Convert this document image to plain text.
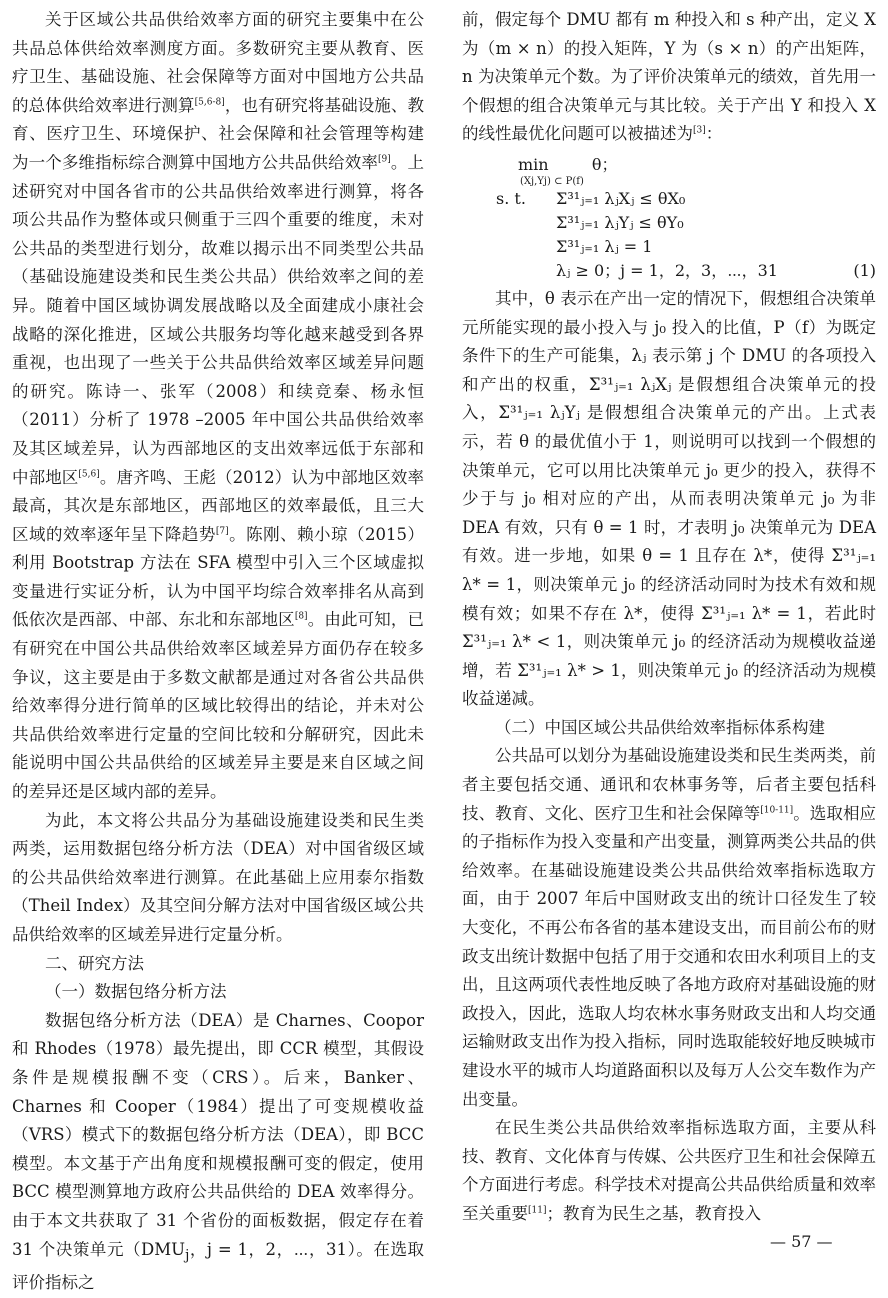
关于区域公共品供给效率方面的研究主要集中在公共品总体供给效率测度方面。多数研究主要从教育、医疗卫生、基础设施、社会保障等方面对中国地方公共品的总体供给效率进行测算[5,6-8]，也有研究将基础设施、教育、医疗卫生、环境保护、社会保障和社会管理等构建为一个多维指标综合测算中国地方公共品供给效率[9]。上述研究对中国各省市的公共品供给效率进行测算，将各项公共品作为整体或只侧重于三四个重要的维度，未对公共品的类型进行划分，故难以揭示出不同类型公共品（基础设施建设类和民生类公共品）供给效率之间的差异。随着中国区域协调发展战略以及全面建成小康社会战略的深化推进，区域公共服务均等化越来越受到各界重视，也出现了一些关于公共品供给效率区域差异问题的研究。陈诗一、张军（2008）和续竞秦、杨永恒（2011）分析了 1978 –2005 年中国公共品供给效率及其区域差异，认为西部地区的支出效率远低于东部和中部地区[5,6]。唐齐鸣、王彪（2012）认为中部地区效率最高，其次是东部地区，西部地区的效率最低，且三大区域的效率逐年呈下降趋势[7]。陈刚、赖小琼（2015）利用 Bootstrap 方法在 SFA 模型中引入三个区域虚拟变量进行实证分析，认为中国平均综合效率排名从高到低依次是西部、中部、东北和东部地区[8]。由此可知，已有研究在中国公共品供给效率区域差异方面仍存在较多争议，这主要是由于多数文献都是通过对各省公共品供给效率得分进行简单的区域比较得出的结论，并未对公共品供给效率进行定量的空间比较和分解研究，因此未能说明中国公共品供给的区域差异主要是来自区域之间的差异还是区域内部的差异。

为此，本文将公共品分为基础设施建设类和民生类两类，运用数据包络分析方法（DEA）对中国省级区域的公共品供给效率进行测算。在此基础上应用泰尔指数（Theil Index）及其空间分解方法对中国省级区域公共品供给效率的区域差异进行定量分析。

二、研究方法

（一）数据包络分析方法

数据包络分析方法（DEA）是 Charnes、Coopor 和 Rhodes（1978）最先提出，即 CCR 模型，其假设条件是规模报酬不变（CRS）。后来，Banker、Charnes 和 Cooper（1984）提出了可变规模收益（VRS）模式下的数据包络分析方法（DEA），即 BCC 模型。本文基于产出角度和规模报酬可变的假定，使用 BCC 模型测算地方政府公共品供给的 DEA 效率得分。由于本文共获取了 31 个省份的面板数据，假定存在着 31 个决策单元（$DMU_j$，j = 1，2，⋯，31）。在选取评价指标之

前，假定每个 DMU 都有 m 种投入和 s 种产出，定义 X 为（m × n）的投入矩阵，Y 为（s × n）的产出矩阵，n 为决策单元个数。为了评价决策单元的绩效，首先用一个假想的组合决策单元与其比较。关于产出 Y 和投入 X 的线性最优化问题可以被描述为[3]：

min
(Xj,Yj) ⊂ P(f)
θ；
s. t.	Σ³¹ⱼ₌₁ λⱼXⱼ ≤ θX₀
Σ³¹ⱼ₌₁ λⱼYⱼ ≤ θY₀
Σ³¹ⱼ₌₁ λⱼ = 1
λⱼ ≥ 0；j = 1，2，3，⋯，31	(1)

其中，θ 表示在产出一定的情况下，假想组合决策单元所能实现的最小投入与 j₀ 投入的比值，P（f）为既定条件下的生产可能集，λⱼ 表示第 j 个 DMU 的各项投入和产出的权重，Σ³¹ⱼ₌₁ λⱼXⱼ 是假想组合决策单元的投入，Σ³¹ⱼ₌₁ λⱼYⱼ 是假想组合决策单元的产出。上式表示，若 θ 的最优值小于 1，则说明可以找到一个假想的决策单元，它可以用比决策单元 j₀ 更少的投入，获得不少于与 j₀ 相对应的产出，从而表明决策单元 j₀ 为非 DEA 有效，只有 θ = 1 时，才表明 j₀ 决策单元为 DEA 有效。进一步地，如果 θ = 1 且存在 λ*，使得 Σ³¹ⱼ₌₁ λ* = 1，则决策单元 j₀ 的经济活动同时为技术有效和规模有效；如果不存在 λ*，使得 Σ³¹ⱼ₌₁ λ* = 1，若此时 Σ³¹ⱼ₌₁ λ* < 1，则决策单元 j₀ 的经济活动为规模收益递增，若 Σ³¹ⱼ₌₁ λ* > 1，则决策单元 j₀ 的经济活动为规模收益递减。

（二）中国区域公共品供给效率指标体系构建

公共品可以划分为基础设施建设类和民生类两类，前者主要包括交通、通讯和农林事务等，后者主要包括科技、教育、文化、医疗卫生和社会保障等[10-11]。选取相应的子指标作为投入变量和产出变量，测算两类公共品的供给效率。在基础设施建设类公共品供给效率指标选取方面，由于 2007 年后中国财政支出的统计口径发生了较大变化，不再公布各省的基本建设支出，而目前公布的财政支出统计数据中包括了用于交通和农田水利项目上的支出，且这两项代表性地反映了各地方政府对基础设施的财政投入，因此，选取人均农林水事务财政支出和人均交通运输财政支出作为投入指标，同时选取能较好地反映城市建设水平的城市人均道路面积以及每万人公交车数作为产出变量。

在民生类公共品供给效率指标选取方面，主要从科技、教育、文化体育与传媒、公共医疗卫生和社会保障五个方面进行考虑。科学技术对提高公共品供给质量和效率至关重要[11]；教育为民生之基，教育投入

— 57 —
